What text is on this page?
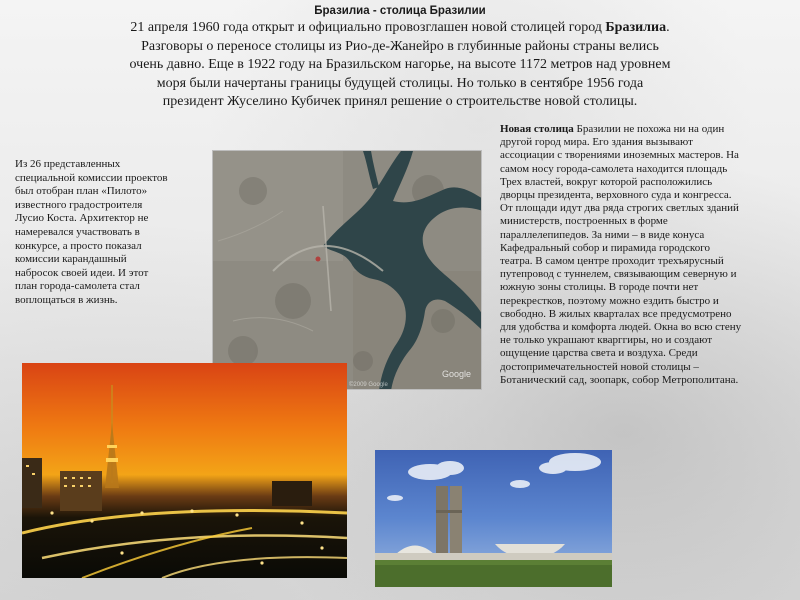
Бразилиа - столица Бразилии
21 апреля 1960 года открыт и официально провозглашен новой столицей город Бразилиа.
Разговоры о переносе столицы из Рио-де-Жанейро в глубинные районы страны велись
очень давно. Еще в 1922 году на Бразильском нагорье, на высоте 1172 метров над уровнем
моря были начертаны границы будущей столицы. Но только в сентябре 1956 года
президент Жуселино Кубичек принял решение о строительстве новой столицы.
Из 26 представленных
специальной комиссии проектов
был отобран план «Пилото»
известного градостроителя
Лусио Коста. Архитектор не
намеревался участвовать в
конкурсе, а просто показал
комиссии карандашный
набросок своей идеи. И этот
план города-самолета стал
воплощаться в жизнь.
Новая столица Бразилии не похожа ни на один
другой город мира. Его здания вызывают
ассоциации с творениями иноземных мастеров. На
самом носу города-самолета находится площадь
Трех властей, вокруг которой расположились
дворцы президента, верховного суда и конгресса.
От площади идут два ряда строгих светлых зданий
министерств, построенных в форме
параллелепипедов. За ними – в виде конуса
Кафедральный собор и пирамида городского
театра. В самом центре проходит трехъярусный
путепровод с туннелем, связывающим северную и
южную зоны столицы. В городе почти нет
перекрестков, поэтому можно ездить быстро и
свободно. В жилых кварталах все предусмотрено
для удобства и комфорта людей. Окна во всю стену
не только украшают кварггиры, но и создают
ощущение царства света и воздуха. Среди
достопримечательностей новой столицы –
Ботанический сад, зоопарк, собор Метрополитана.
Google
©2009 Google
